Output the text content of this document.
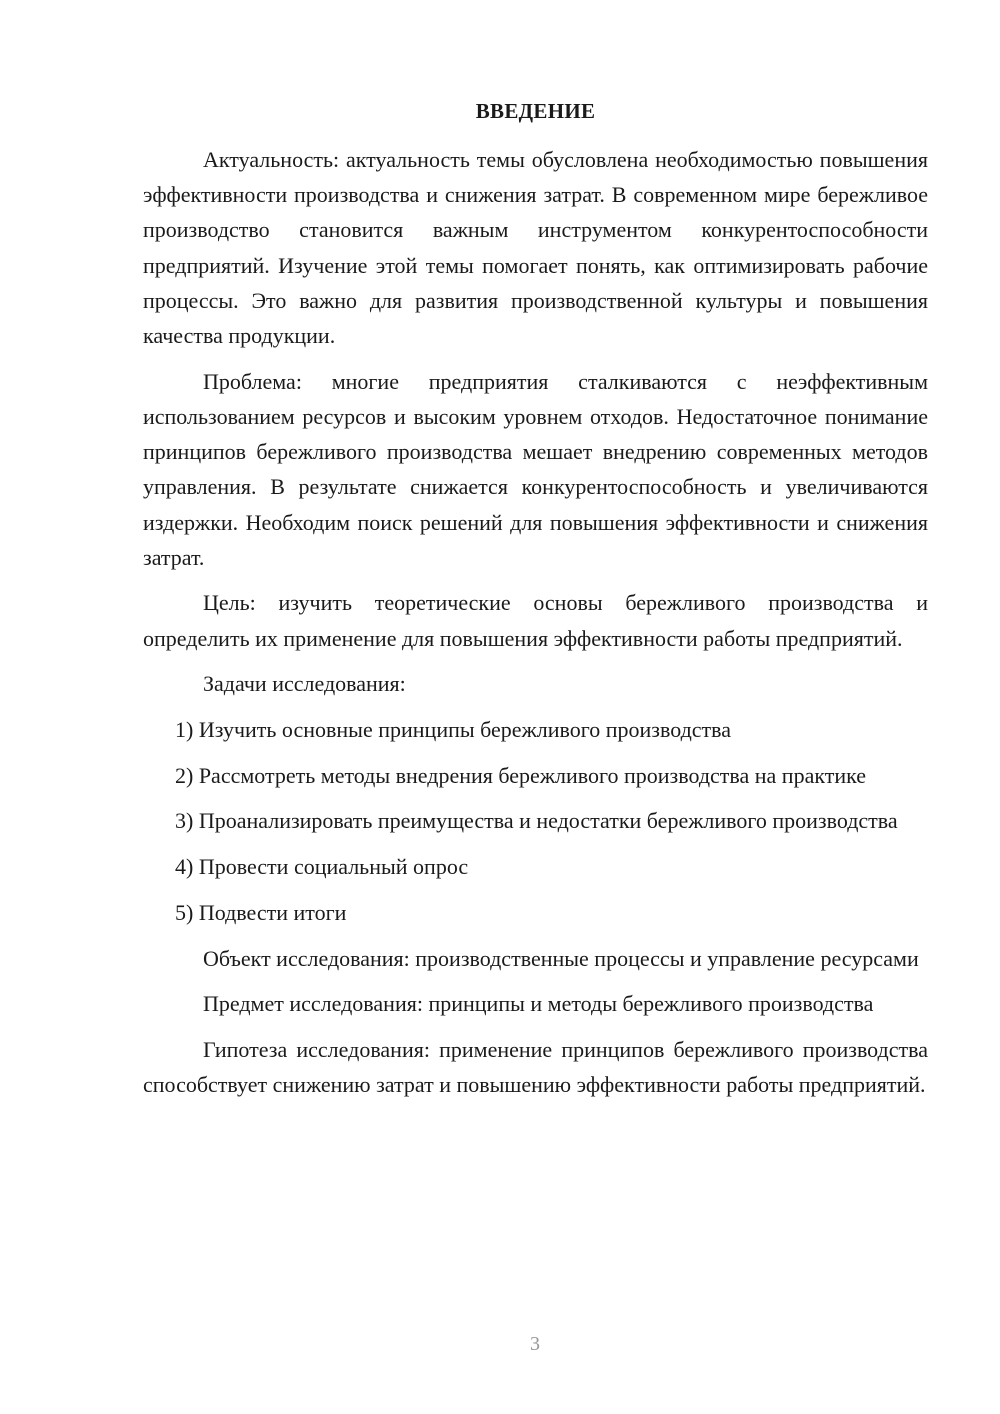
ВВЕДЕНИЕ

Актуальность: актуальность темы обусловлена необходимостью повышения эффективности производства и снижения затрат. В современном мире бережливое производство становится важным инструментом конкурентоспособности предприятий. Изучение этой темы помогает понять, как оптимизировать рабочие процессы. Это важно для развития производственной культуры и повышения качества продукции.

Проблема: многие предприятия сталкиваются с неэффективным использованием ресурсов и высоким уровнем отходов. Недостаточное понимание принципов бережливого производства мешает внедрению современных методов управления. В результате снижается конкурентоспособность и увеличиваются издержки. Необходим поиск решений для повышения эффективности и снижения затрат.

Цель: изучить теоретические основы бережливого производства и определить их применение для повышения эффективности работы предприятий.

Задачи исследования:

1) Изучить основные принципы бережливого производства

2) Рассмотреть методы внедрения бережливого производства на практике

3) Проанализировать преимущества и недостатки бережливого производства

4) Провести социальный опрос

5) Подвести итоги

Объект исследования: производственные процессы и управление ресурсами

Предмет исследования: принципы и методы бережливого производства

Гипотеза исследования: применение принципов бережливого производства способствует снижению затрат и повышению эффективности работы предприятий.

3
